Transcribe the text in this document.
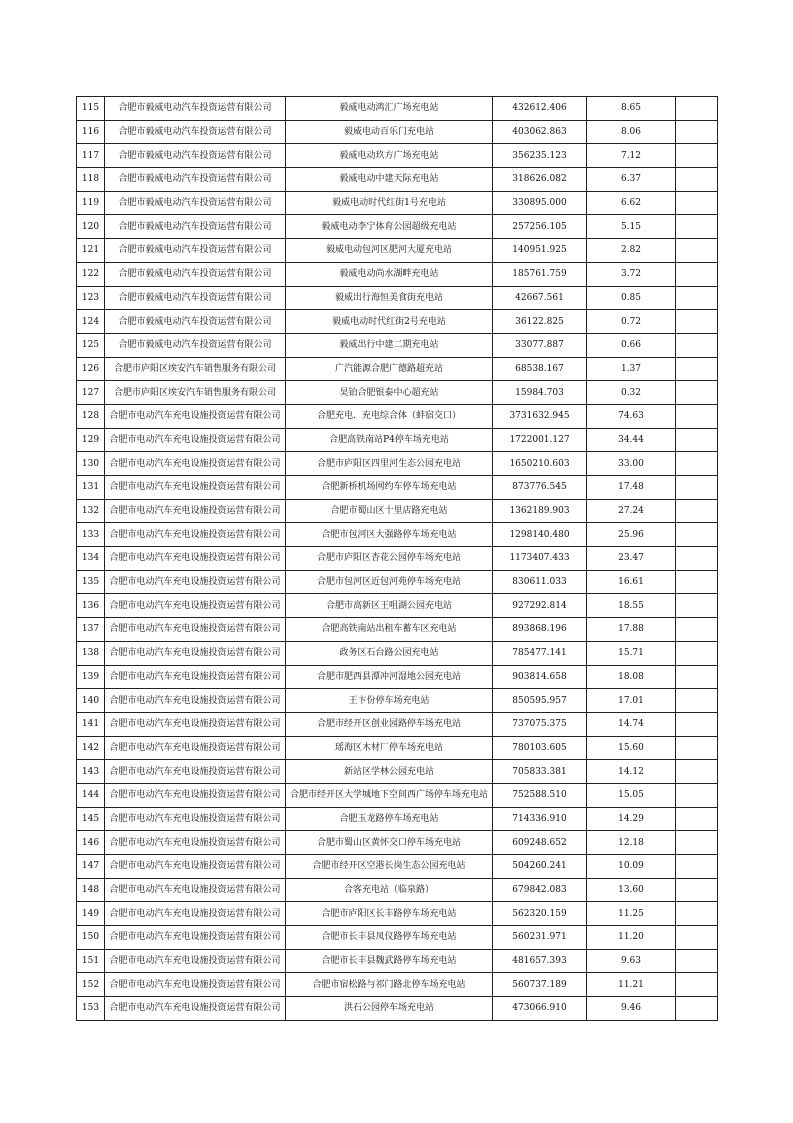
115	合肥市毅威电动汽车投资运营有限公司	毅威电动鸿汇广场充电站	432612.406	8.65	
116	合肥市毅威电动汽车投资运营有限公司	毅威电动百乐门充电站	403062.863	8.06	
117	合肥市毅威电动汽车投资运营有限公司	毅威电动玖方广场充电站	356235.123	7.12	
118	合肥市毅威电动汽车投资运营有限公司	毅威电动中建天际充电站	318626.082	6.37	
119	合肥市毅威电动汽车投资运营有限公司	毅威电动时代红街1号充电站	330895.000	6.62	
120	合肥市毅威电动汽车投资运营有限公司	毅威电动李宁体育公园超级充电站	257256.105	5.15	
121	合肥市毅威电动汽车投资运营有限公司	毅威电动包河区肥河大厦充电站	140951.925	2.82	
122	合肥市毅威电动汽车投资运营有限公司	毅威电动尚水湖畔充电站	185761.759	3.72	
123	合肥市毅威电动汽车投资运营有限公司	毅威出行海恒美食街充电站	42667.561	0.85	
124	合肥市毅威电动汽车投资运营有限公司	毅威电动时代红街2号充电站	36122.825	0.72	
125	合肥市毅威电动汽车投资运营有限公司	毅威出行中建二期充电站	33077.887	0.66	
126	合肥市庐阳区埃安汽车销售服务有限公司	广汽能源合肥广德路超充站	68538.167	1.37	
127	合肥市庐阳区埃安汽车销售服务有限公司	昊铂合肥银泰中心超充站	15984.703	0.32	
128	合肥市电动汽车充电设施投资运营有限公司	合肥充电．充电综合体（蚌宿交口）	3731632.945	74.63	
129	合肥市电动汽车充电设施投资运营有限公司	合肥高铁南站P4停车场充电站	1722001.127	34.44	
130	合肥市电动汽车充电设施投资运营有限公司	合肥市庐阳区四里河生态公园充电站	1650210.603	33.00	
131	合肥市电动汽车充电设施投资运营有限公司	合肥新桥机场网约车停车场充电站	873776.545	17.48	
132	合肥市电动汽车充电设施投资运营有限公司	合肥市蜀山区十里店路充电站	1362189.903	27.24	
133	合肥市电动汽车充电设施投资运营有限公司	合肥市包河区大强路停车场充电站	1298140.480	25.96	
134	合肥市电动汽车充电设施投资运营有限公司	合肥市庐阳区杏花公园停车场充电站	1173407.433	23.47	
135	合肥市电动汽车充电设施投资运营有限公司	合肥市包河区近包河苑停车场充电站	830611.033	16.61	
136	合肥市电动汽车充电设施投资运营有限公司	合肥市高新区王咀湖公园充电站	927292.814	18.55	
137	合肥市电动汽车充电设施投资运营有限公司	合肥高铁南站出租车蓄车区充电站	893868.196	17.88	
138	合肥市电动汽车充电设施投资运营有限公司	政务区石台路公园充电站	785477.141	15.71	
139	合肥市电动汽车充电设施投资运营有限公司	合肥市肥西县潭冲河湿地公园充电站	903814.658	18.08	
140	合肥市电动汽车充电设施投资运营有限公司	王卞份停车场充电站	850595.957	17.01	
141	合肥市电动汽车充电设施投资运营有限公司	合肥市经开区创业园路停车场充电站	737075.375	14.74	
142	合肥市电动汽车充电设施投资运营有限公司	瑶海区木材厂停车场充电站	780103.605	15.60	
143	合肥市电动汽车充电设施投资运营有限公司	新站区学林公园充电站	705833.381	14.12	
144	合肥市电动汽车充电设施投资运营有限公司	合肥市经开区大学城地下空间西广场停车场充电站	752588.510	15.05	
145	合肥市电动汽车充电设施投资运营有限公司	合肥玉龙路停车场充电站	714336.910	14.29	
146	合肥市电动汽车充电设施投资运营有限公司	合肥市蜀山区黄怀交口停车场充电站	609248.652	12.18	
147	合肥市电动汽车充电设施投资运营有限公司	合肥市经开区空港长岗生态公园充电站	504260.241	10.09	
148	合肥市电动汽车充电设施投资运营有限公司	合客充电站（临泉路）	679842.083	13.60	
149	合肥市电动汽车充电设施投资运营有限公司	合肥市庐阳区长丰路停车场充电站	562320.159	11.25	
150	合肥市电动汽车充电设施投资运营有限公司	合肥市长丰县凤仪路停车场充电站	560231.971	11.20	
151	合肥市电动汽车充电设施投资运营有限公司	合肥市长丰县魏武路停车场充电站	481657.393	9.63	
152	合肥市电动汽车充电设施投资运营有限公司	合肥市宿松路与祁门路北停车场充电站	560737.189	11.21	
153	合肥市电动汽车充电设施投资运营有限公司	洪石公园停车场充电站	473066.910	9.46	
